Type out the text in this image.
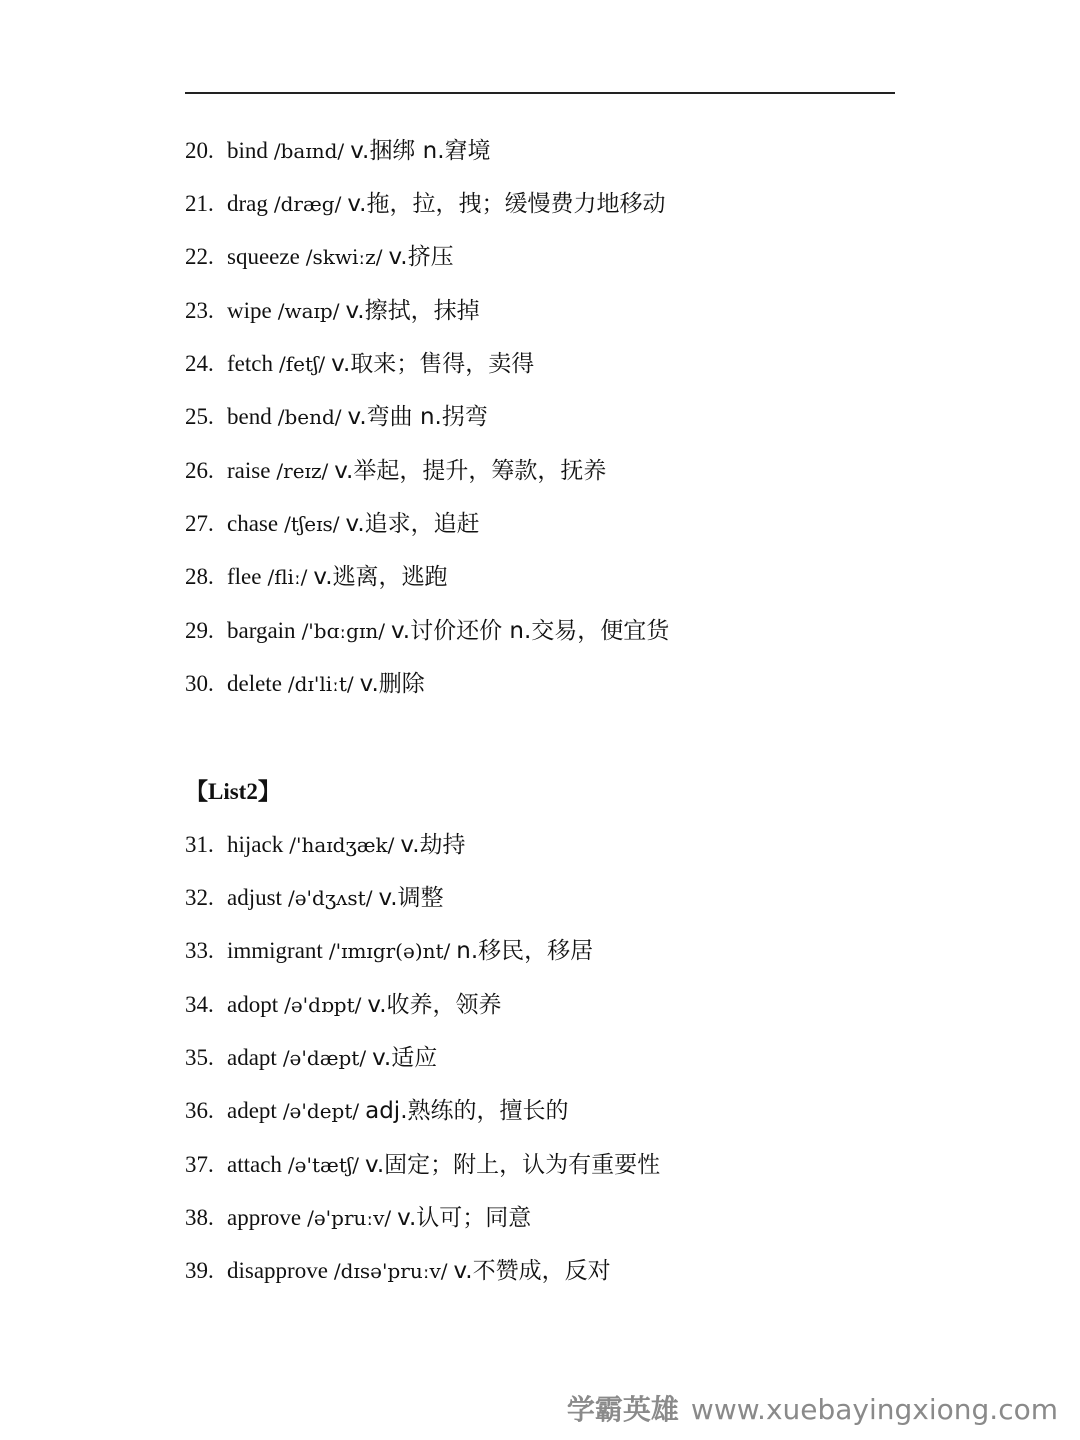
20. bind /baɪnd/ v.捆绑 n.窘境
21. drag /dræg/ v.拖，拉，拽；缓慢费力地移动
22. squeeze /skwiːz/ v.挤压
23. wipe /waɪp/ v.擦拭，抹掉
24. fetch /fetʃ/ v.取来；售得，卖得
25. bend /bend/ v.弯曲 n.拐弯
26. raise /reɪz/ v.举起，提升，筹款，抚养
27. chase /tʃeɪs/ v.追求，追赶
28. flee /fliː/ v.逃离，逃跑
29. bargain /'bɑːgɪn/ v.讨价还价 n.交易，便宜货
30. delete /dɪ'liːt/ v.删除
【List2】
31. hijack /'haɪdʒæk/ v.劫持
32. adjust /ə'dʒʌst/ v.调整
33. immigrant /'ɪmɪgr(ə)nt/ n.移民，移居
34. adopt /ə'dɒpt/ v.收养，领养
35. adapt /ə'dæpt/ v.适应
36. adept /ə'dept/ adj.熟练的，擅长的
37. attach /ə'tætʃ/ v.固定；附上，认为有重要性
38. approve /ə'pruːv/ v.认可；同意
39. disapprove /dɪsə'pruːv/ v.不赞成，反对
学霸英雄 www.xuebayingxiong.com
